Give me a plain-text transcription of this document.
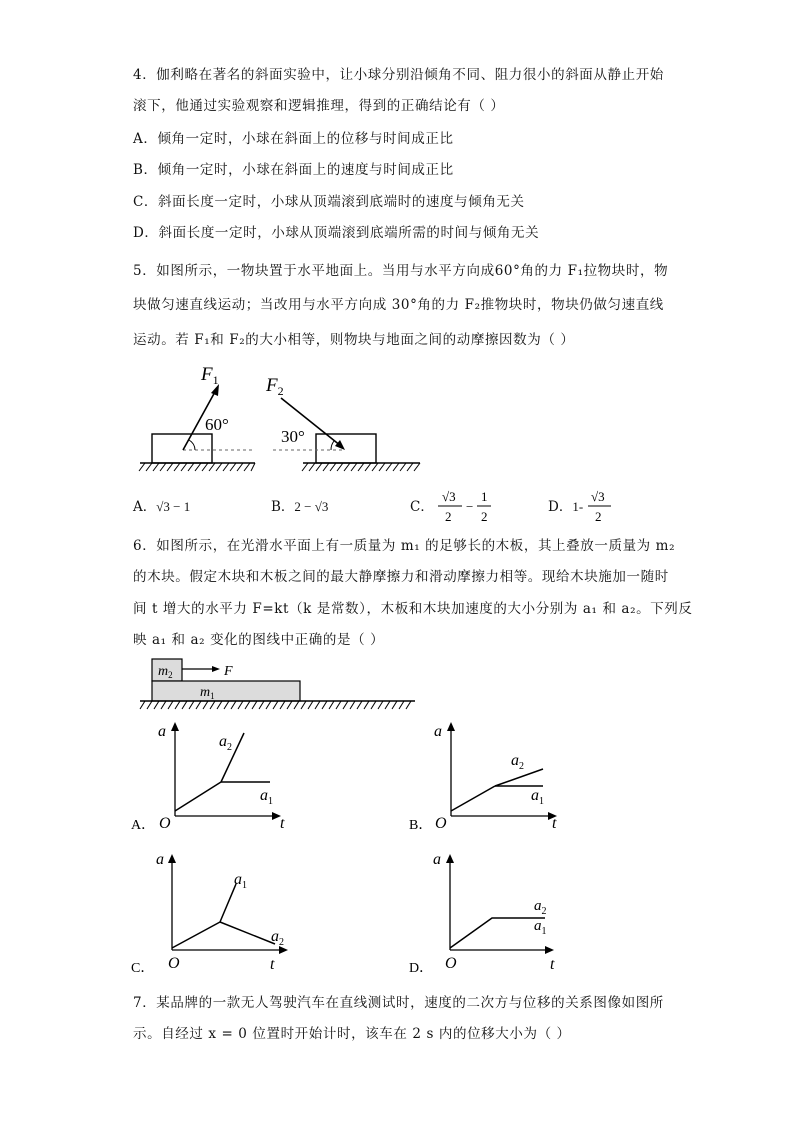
4．伽利略在著名的斜面实验中，让小球分别沿倾角不同、阻力很小的斜面从静止开始
滚下，他通过实验观察和逻辑推理，得到的正确结论有（ ）
A．倾角一定时，小球在斜面上的位移与时间成正比
B．倾角一定时，小球在斜面上的速度与时间成正比
C．斜面长度一定时，小球从顶端滚到底端时的速度与倾角无关
D．斜面长度一定时，小球从顶端滚到底端所需的时间与倾角无关
5．如图所示，一物块置于水平地面上。当用与水平方向成60°角的力 F₁拉物块时，物
块做匀速直线运动；当改用与水平方向成 30°角的力 F₂推物块时，物块仍做匀速直线
运动。若 F₁和 F₂的大小相等，则物块与地面之间的动摩擦因数为（ ）
$F_1$
60°
$F_2$
30°
A．√3 − 1	B．2 − √3	C．
√3
2
−
1
2
D．1-
√3
2
6．如图所示，在光滑水平面上有一质量为 m₁ 的足够长的木板，其上叠放一质量为 m₂
的木块。假定木块和木板之间的最大静摩擦力和滑动摩擦力相等。现给木块施加一随时
间 t 增大的水平力 F=kt（k 是常数），木板和木块加速度的大小分别为 a₁ 和 a₂。下列反
映 a₁ 和 a₂ 变化的图线中正确的是（ ）
$m_2$	F
$m_1$
A．
a
O	t
$a_2$
$a_1$
B．
a
O	t
$a_2$
$a_1$
C．
a
O	t
$a_1$
$a_2$
D．
a
O	t
$a_2$
$a_1$
7．某品牌的一款无人驾驶汽车在直线测试时，速度的二次方与位移的关系图像如图所
示。自经过 x = 0 位置时开始计时，该车在 2 s 内的位移大小为（ ）
